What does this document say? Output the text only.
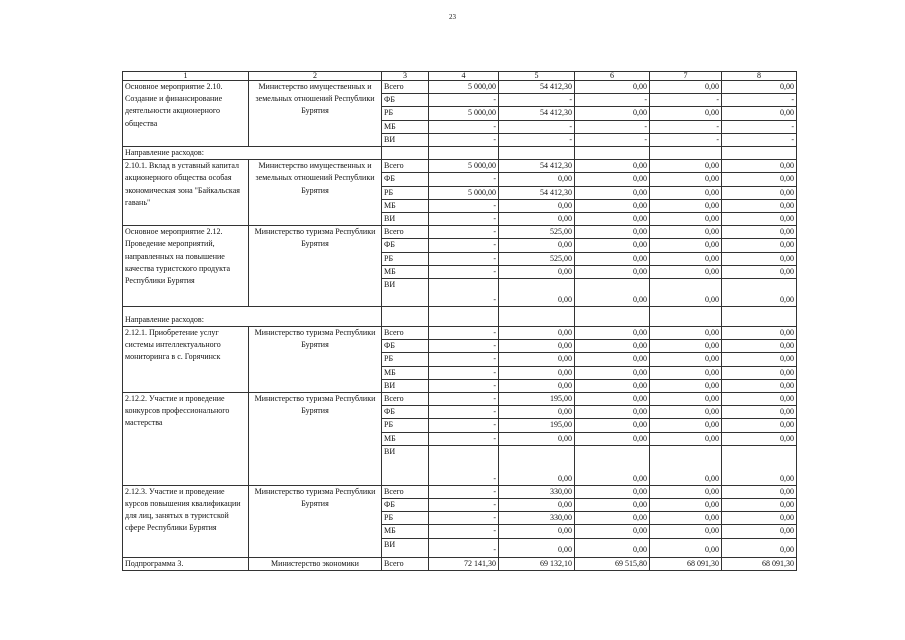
23
1	2	3	4	5	6	7	8
Основное мероприятие 2.10. Создание и финансирование деятельности акционерного общества	Министерство имущественных и земельных отношений Республики Бурятия	Всего	5 000,00	54 412,30	0,00	0,00	0,00
		ФБ	-	-	-	-	-
		РБ	5 000,00	54 412,30	0,00	0,00	0,00
		МБ	-	-	-	-	-
		ВИ	-	-	-	-	-
Направление расходов:							
2.10.1. Вклад в уставный капитал акционерного общества особая экономическая зона "Байкальская гавань"	Министерство имущественных и земельных отношений Республики Бурятия	Всего	5 000,00	54 412,30	0,00	0,00	0,00
		ФБ	-	0,00	0,00	0,00	0,00
		РБ	5 000,00	54 412,30	0,00	0,00	0,00
		МБ	-	0,00	0,00	0,00	0,00
		ВИ	-	0,00	0,00	0,00	0,00
Основное мероприятие 2.12. Проведение мероприятий, направленных на повышение качества туристского продукта Республики Бурятия	Министерство туризма Республики Бурятия	Всего	-	525,00	0,00	0,00	0,00
		ФБ	-	0,00	0,00	0,00	0,00
		РБ	-	525,00	0,00	0,00	0,00
		МБ	-	0,00	0,00	0,00	0,00
		ВИ	-	0,00	0,00	0,00	0,00
Направление расходов:							
2.12.1. Приобретение услуг системы интеллектуального мониторинга в с. Горячинск	Министерство туризма Республики Бурятия	Всего	-	0,00	0,00	0,00	0,00
		ФБ	-	0,00	0,00	0,00	0,00
		РБ	-	0,00	0,00	0,00	0,00
		МБ	-	0,00	0,00	0,00	0,00
		ВИ	-	0,00	0,00	0,00	0,00
2.12.2. Участие и проведение конкурсов профессионального мастерства	Министерство туризма Республики Бурятия	Всего	-	195,00	0,00	0,00	0,00
		ФБ	-	0,00	0,00	0,00	0,00
		РБ	-	195,00	0,00	0,00	0,00
		МБ	-	0,00	0,00	0,00	0,00
		ВИ	-	0,00	0,00	0,00	0,00
2.12.3. Участие и проведение курсов повышения квалификации для лиц, занятых в туристской сфере Республики Бурятия	Министерство туризма Республики Бурятия	Всего	-	330,00	0,00	0,00	0,00
		ФБ	-	0,00	0,00	0,00	0,00
		РБ	-	330,00	0,00	0,00	0,00
		МБ	-	0,00	0,00	0,00	0,00
		ВИ	-	0,00	0,00	0,00	0,00
Подпрограмма 3.	Министерство экономики	Всего	72 141,30	69 132,10	69 515,80	68 091,30	68 091,30
